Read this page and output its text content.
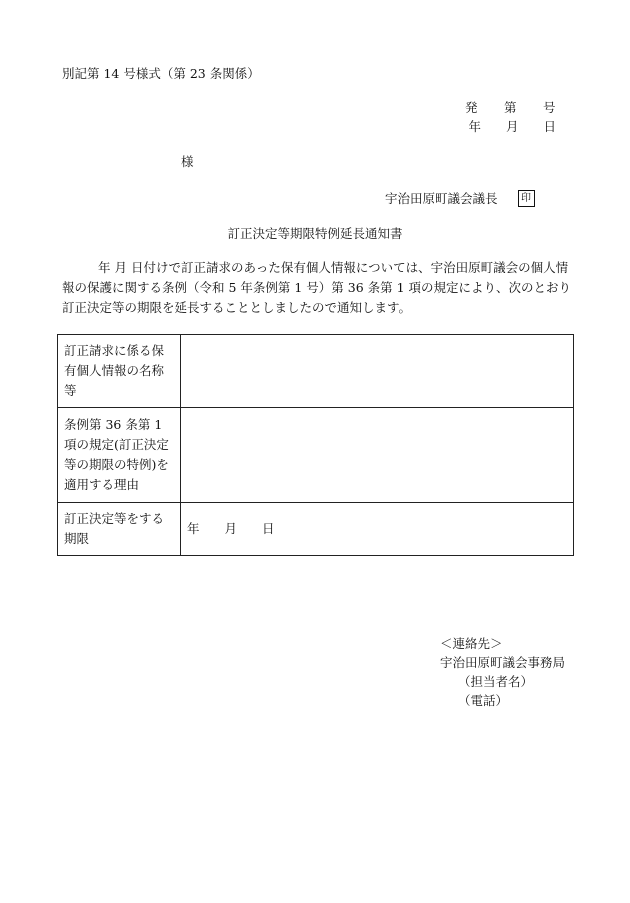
別記第 14 号様式（第 23 条関係）
発　　第　　号
年　　月　　日
様
宇治田原町議会議長	印
訂正決定等期限特例延長通知書
年 月 日付けで訂正請求のあった保有個人情報については、宇治田原町議会の個人情報の保護に関する条例（令和 5 年条例第 1 号）第 36 条第 1 項の規定により、次のとおり訂正決定等の期限を延長することとしましたので通知します。
訂正請求に係る保有個人情報の名称等	
条例第 36 条第 1 項の規定(訂正決定等の期限の特例)を適用する理由	
訂正決定等をする期限	年　　月　　日
＜連絡先＞
宇治田原町議会事務局
（担当者名）
（電話）
